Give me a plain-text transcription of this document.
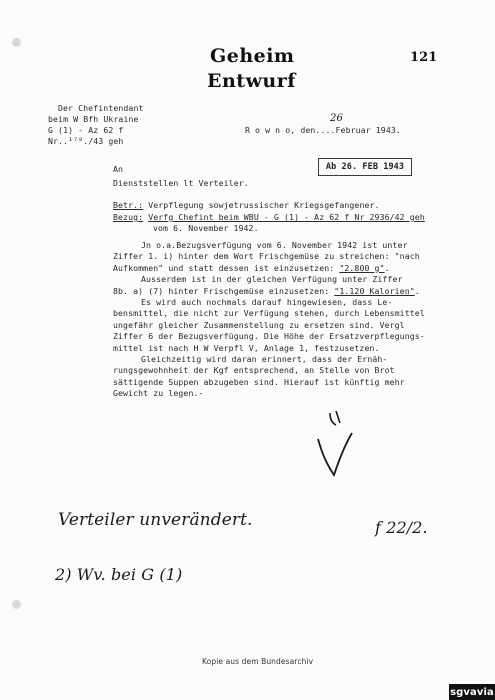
Geheim
Entwurf
121
Der Chefintendant
beim W Bfh Ukraine
G (1) - Az 62 f
Nr..¹⁷⁸./43 geh
R o w n o, den....Februar 1943.
26
Ab 26. FEB 1943
An
Dienststellen lt Verteiler.
Betr.: Verpflegung sowjetrussischer Kriegsgefangener.
Bezug: Verfg Chefint beim WBU - G (1) - Az 62 f Nr 2936/42 geh
vom 6. November 1942.
Jn o.a.Bezugsverfügung vom 6. November 1942 ist unter
Ziffer 1. i) hinter dem Wort Frischgemüse zu streichen: "nach
Aufkommen" und statt dessen ist einzusetzen: "2.800 g".
Ausserdem ist in der gleichen Verfügung unter Ziffer
8b. a) (7) hinter Frischgemüse einzusetzen: "1.120 Kalorien".
Es wird auch nochmals darauf hingewiesen, dass Le-
bensmittel, die nicht zur Verfügung stehen, durch Lebensmittel
ungefähr gleicher Zusammenstellung zu ersetzen sind. Vergl
Ziffer 6 der Bezugsverfügung. Die Höhe der Ersatzverpflegungs-
mittel ist nach H W Verpfl V, Anlage 1, festzusetzen.
Gleichzeitig wird daran erinnert, dass der Ernäh-
rungsgewohnheit der Kgf entsprechend, an Stelle von Brot
sättigende Suppen abzugeben sind. Hierauf ist künftig mehr
Gewicht zu legen.-
Verteiler unverändert.	f 22/2.
2) Wv. bei G (1)
Kopie aus dem Bundesarchiv
sgvavia
